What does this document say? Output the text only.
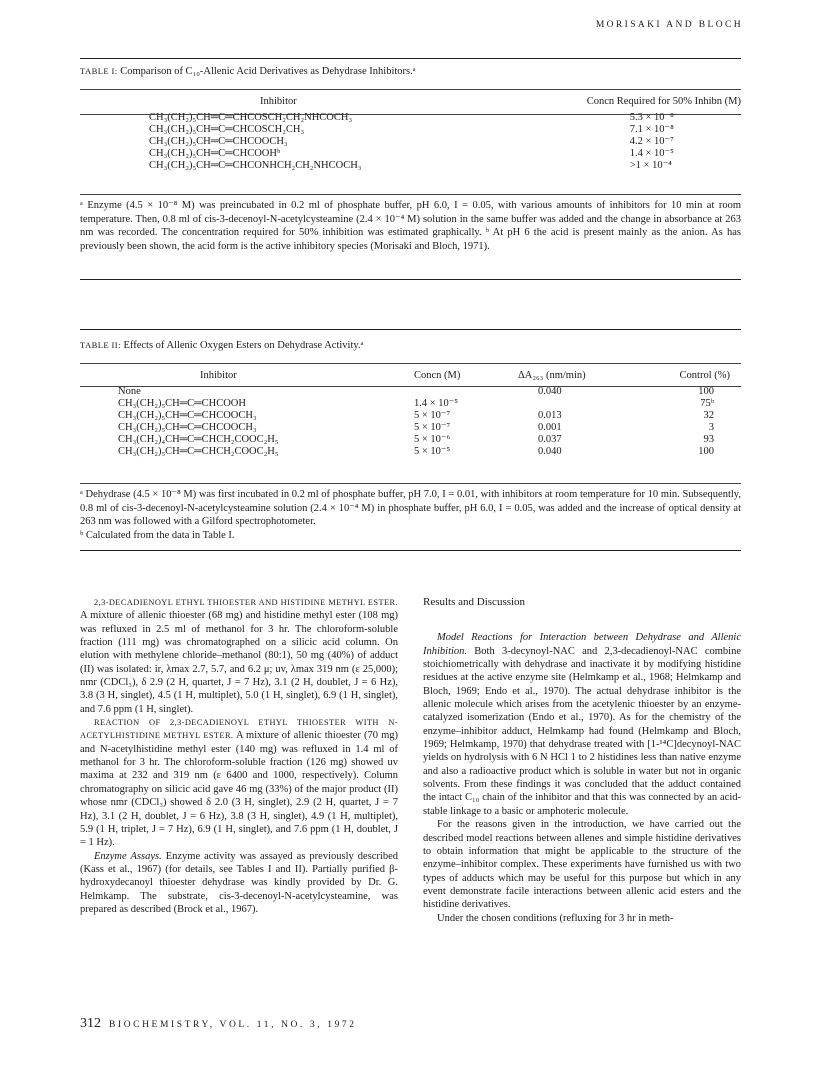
MORISAKI AND BLOCH
TABLE I: Comparison of C₁₀-Allenic Acid Derivatives as Dehydrase Inhibitors.ᵃ
Inhibitor	Concn Required for 50% Inhibn (M)
CH₃(CH₂)₅CH═C═CHCOSCH₂CH₂NHCOCH₃	5.3 × 10⁻⁸
CH₃(CH₂)₅CH═C═CHCOSCH₂CH₃	7.1 × 10⁻⁸
CH₃(CH₂)₅CH═C═CHCOOCH₃	4.2 × 10⁻⁷
CH₃(CH₂)₅CH═C═CHCOOHᵇ	1.4 × 10⁻⁵
CH₃(CH₂)₅CH═C═CHCONHCH₂CH₂NHCOCH₃	>1 × 10⁻⁴

ᵃ Enzyme (4.5 × 10⁻⁸ M) was preincubated in 0.2 ml of phosphate buffer, pH 6.0, I = 0.05, with various amounts of inhibitors for 10 min at room temperature. Then, 0.8 ml of cis-3-decenoyl-N-acetylcysteamine (2.4 × 10⁻⁴ M) solution in the same buffer was added and the change in absorbance at 263 nm was recorded. The concentration required for 50% inhibition was estimated graphically. ᵇ At pH 6 the acid is present mainly as the anion. As has previously been shown, the acid form is the active inhibitory species (Morisaki and Bloch, 1971).

TABLE II: Effects of Allenic Oxygen Esters on Dehydrase Activity.ᵃ
Inhibitor	Concn (M)	ΔA₂₆₃ (nm/min)	Control (%)
None		0.040	100
CH₃(CH₂)₅CH═C═CHCOOH	1.4 × 10⁻⁵		75ᵇ
CH₃(CH₂)₅CH═C═CHCOOCH₃	5 × 10⁻⁷	0.013	32
CH₃(CH₂)₅CH═C═CHCOOCH₃	5 × 10⁻⁷	0.001	3
CH₃(CH₂)₄CH═C═CHCH₂COOC₂H₅	5 × 10⁻⁶	0.037	93
CH₃(CH₂)₅CH═C═CHCH₂COOC₂H₅	5 × 10⁻⁵	0.040	100

ᵃ Dehydrase (4.5 × 10⁻⁸ M) was first incubated in 0.2 ml of phosphate buffer, pH 7.0, I = 0.01, with inhibitors at room temperature for 10 min. Subsequently, 0.8 ml of cis-3-decenoyl-N-acetylcysteamine solution (2.4 × 10⁻⁴ M) in phosphate buffer, pH 6.0, I = 0.05, was added and the increase of optical density at 263 nm was followed with a Gilford spectrophotometer.

ᵇ Calculated from the data in Table I.

2,3-DECADIENOYL ETHYL THIOESTER AND HISTIDINE METHYL ESTER. A mixture of allenic thioester (68 mg) and histidine methyl ester (108 mg) was refluxed in 2.5 ml of methanol for 3 hr. The chloroform-soluble fraction (111 mg) was chromatographed on a silicic acid column. On elution with methylene chloride–methanol (80:1), 50 mg (40%) of adduct (II) was isolated: ir, λmax 2.7, 5.7, and 6.2 μ; uv, λmax 319 nm (ε 25,000); nmr (CDCl₃), δ 2.9 (2 H, quartet, J = 7 Hz), 3.1 (2 H, doublet, J = 6 Hz), 3.8 (3 H, singlet), 4.5 (1 H, multiplet), 5.0 (1 H, singlet), 6.9 (1 H, singlet), and 7.6 ppm (1 H, singlet).

REACTION OF 2,3-DECADIENOYL ETHYL THIOESTER WITH N-ACETYLHISTIDINE METHYL ESTER. A mixture of allenic thioester (70 mg) and N-acetylhistidine methyl ester (140 mg) was refluxed in 1.4 ml of methanol for 3 hr. The chloroform-soluble fraction (126 mg) showed uv maxima at 232 and 319 nm (ε 6400 and 1000, respectively). Column chromatography on silicic acid gave 46 mg (33%) of the major product (II) whose nmr (CDCl₃) showed δ 2.0 (3 H, singlet), 2.9 (2 H, quartet, J = 7 Hz), 3.1 (2 H, doublet, J = 6 Hz), 3.8 (3 H, singlet), 4.9 (1 H, multiplet), 5.9 (1 H, triplet, J = 7 Hz), 6.9 (1 H, singlet), and 7.6 ppm (1 H, doublet, J = 1 Hz).

Enzyme Assays. Enzyme activity was assayed as previously described (Kass et al., 1967) (for details, see Tables I and II). Partially purified β-hydroxydecanoyl thioester dehydrase was kindly provided by Dr. G. Helmkamp. The substrate, cis-3-decenoyl-N-acetylcysteamine, was prepared as described (Brock et al., 1967).

Results and Discussion

Model Reactions for Interaction between Dehydrase and Allenic Inhibition. Both 3-decynoyl-NAC and 2,3-decadienoyl-NAC combine stoichiometrically with dehydrase and inactivate it by modifying histidine residues at the active enzyme site (Helmkamp et al., 1968; Helmkamp and Bloch, 1969; Endo et al., 1970). The actual dehydrase inhibitor is the allenic molecule which arises from the acetylenic thioester by an enzyme-catalyzed isomerization (Endo et al., 1970). As for the chemistry of the enzyme–inhibitor adduct, Helmkamp had found (Helmkamp and Bloch, 1969; Helmkamp, 1970) that dehydrase treated with [1-¹⁴C]decynoyl-NAC yields on hydrolysis with 6 N HCl 1 to 2 histidines less than native enzyme and also a radioactive product which is soluble in water but not in organic solvents. From these findings it was concluded that the adduct contained the intact C₁₀ chain of the inhibitor and that this was connected by an acid-stable linkage to a basic or amphoteric molecule.

For the reasons given in the introduction, we have carried out the described model reactions between allenes and simple histidine derivatives to obtain information that might be applicable to the structure of the enzyme–inhibitor complex. These experiments have furnished us with two types of adducts which may be useful for this purpose but which in any event demonstrate facile interactions between allenic acid esters and the histidine derivatives.

Under the chosen conditions (refluxing for 3 hr in meth-

312 BIOCHEMISTRY, VOL. 11, NO. 3, 1972
